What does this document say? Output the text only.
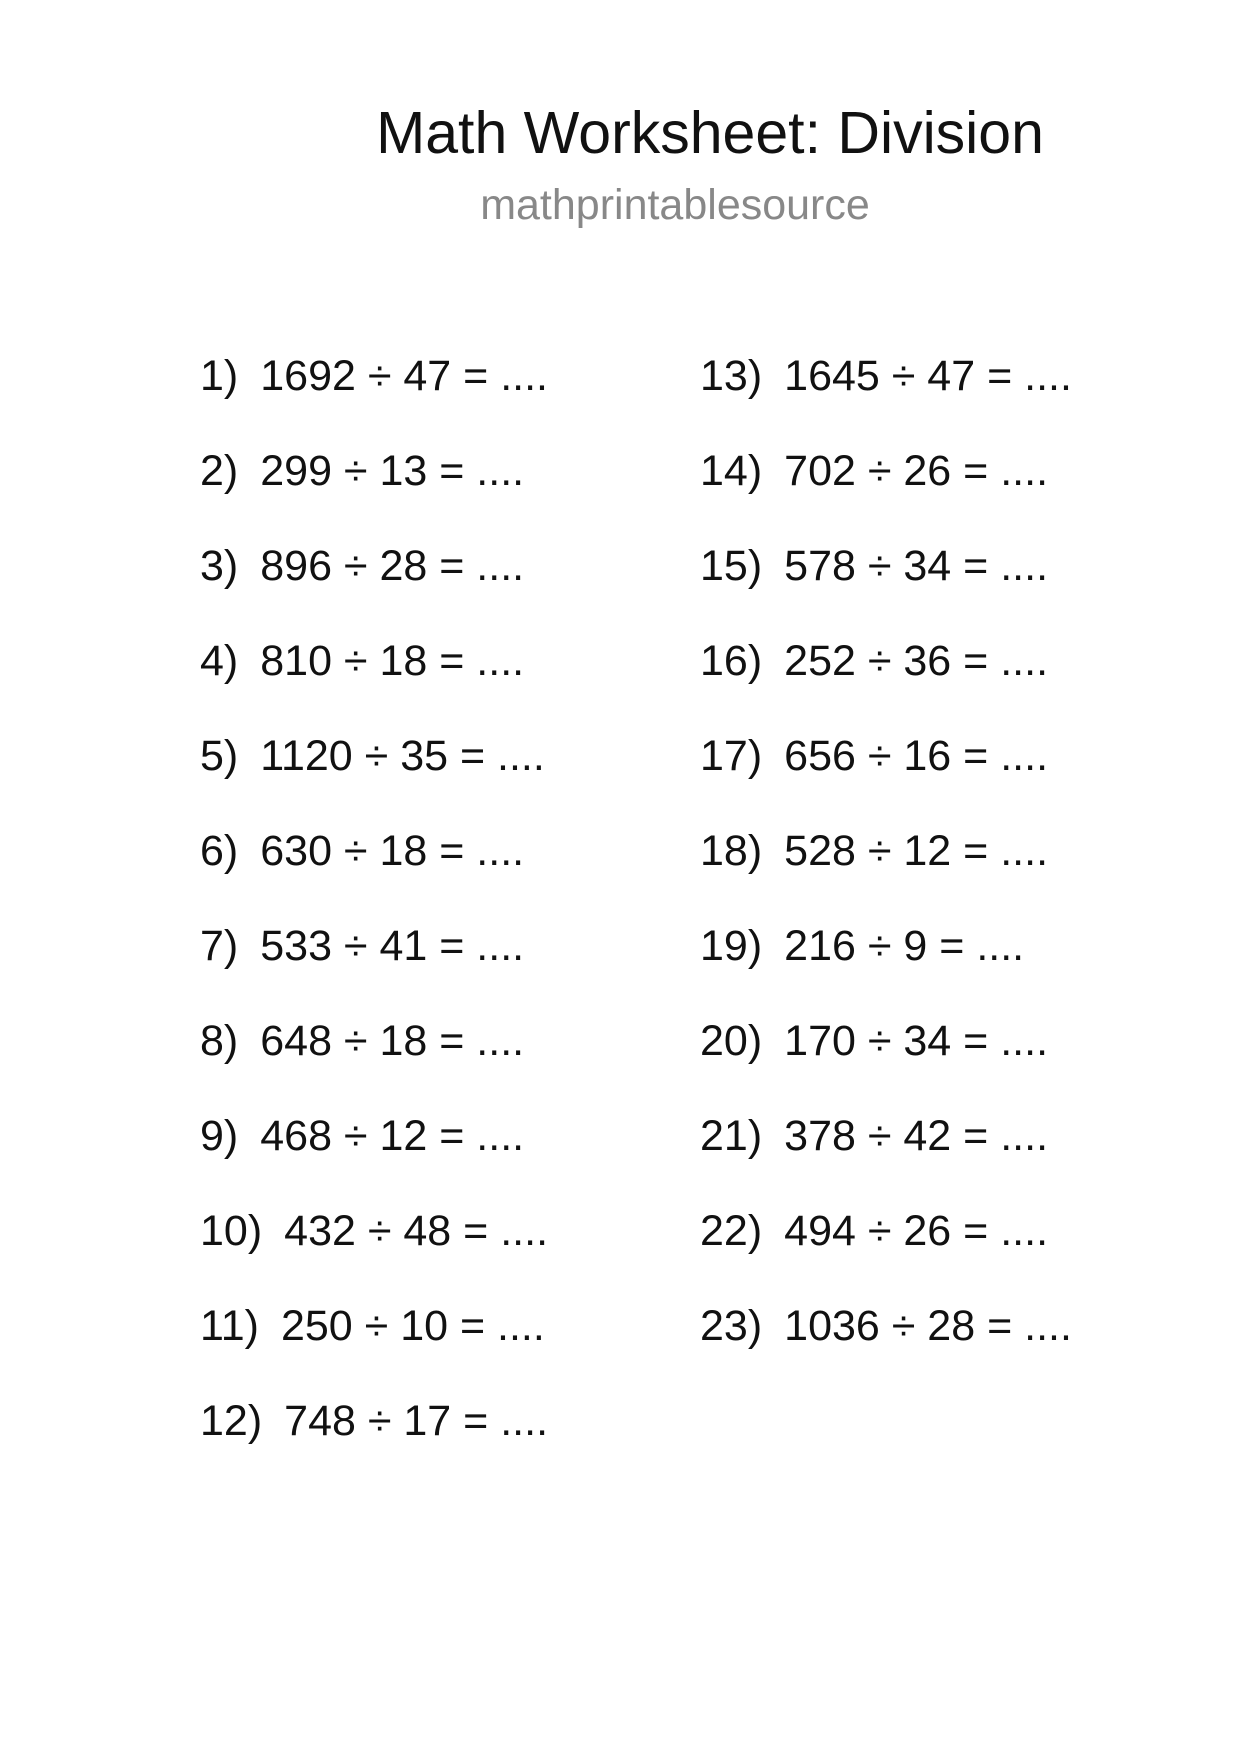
Math Worksheet: Division
mathprintablesource
1) 1692 ÷ 47 = ....
2) 299 ÷ 13 = ....
3) 896 ÷ 28 = ....
4) 810 ÷ 18 = ....
5) 1120 ÷ 35 = ....
6) 630 ÷ 18 = ....
7) 533 ÷ 41 = ....
8) 648 ÷ 18 = ....
9) 468 ÷ 12 = ....
10) 432 ÷ 48 = ....
11) 250 ÷ 10 = ....
12) 748 ÷ 17 = ....
13) 1645 ÷ 47 = ....
14) 702 ÷ 26 = ....
15) 578 ÷ 34 = ....
16) 252 ÷ 36 = ....
17) 656 ÷ 16 = ....
18) 528 ÷ 12 = ....
19) 216 ÷ 9 = ....
20) 170 ÷ 34 = ....
21) 378 ÷ 42 = ....
22) 494 ÷ 26 = ....
23) 1036 ÷ 28 = ....
